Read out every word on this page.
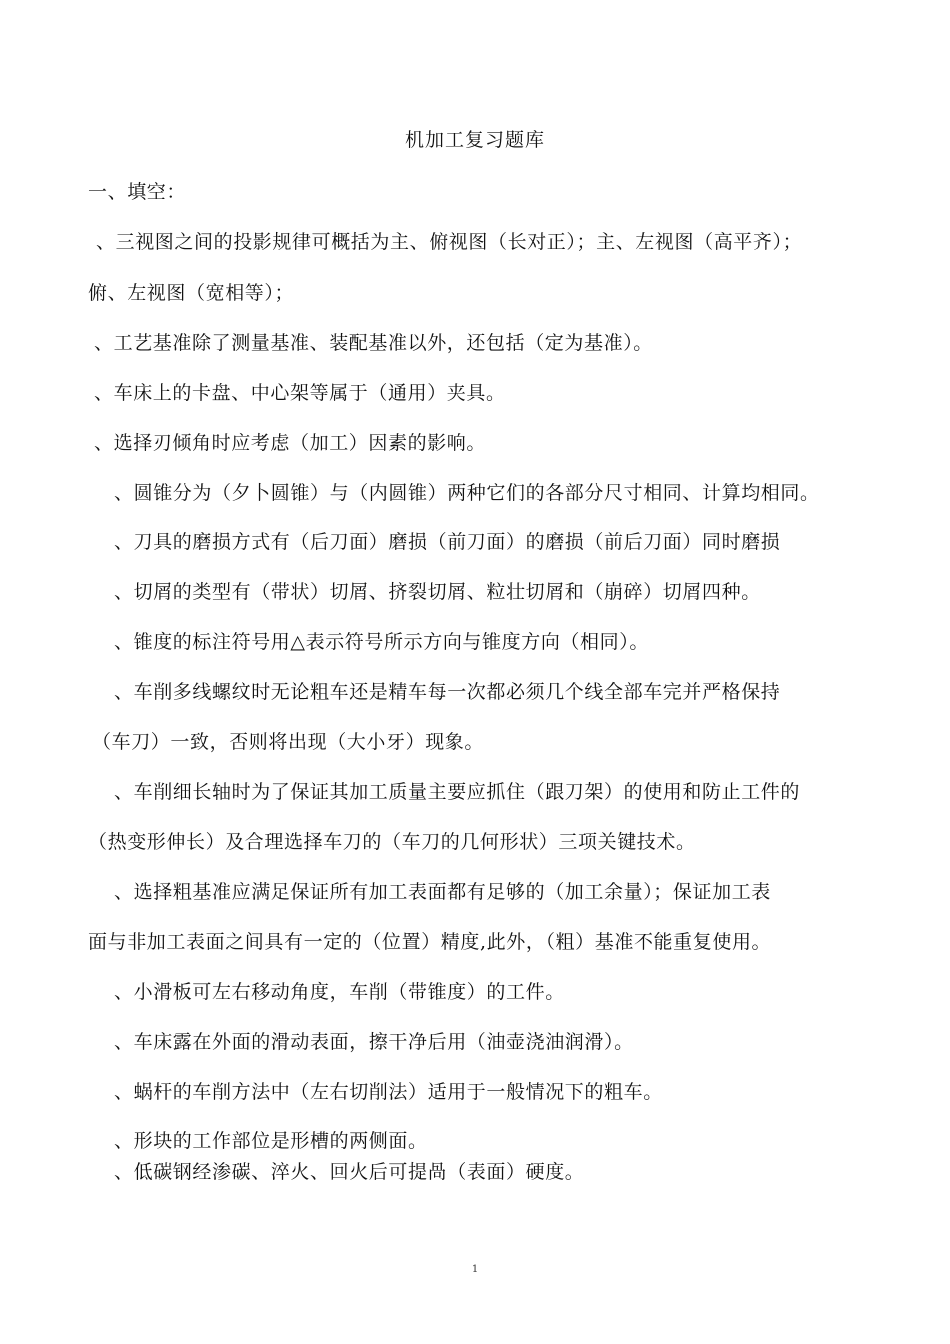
机加工复习题库
一、填空：
、三视图之间的投影规律可概括为主、俯视图（长对正）；主、左视图（高平齐）；
俯、左视图（宽相等）；
、工艺基准除了测量基准、装配基准以外，还包括（定为基准）。
、车床上的卡盘、中心架等属于（通用）夹具。
、选择刃倾角时应考虑（加工）因素的影响。
、圆锥分为（夕卜圆锥）与（内圆锥）两种它们的各部分尺寸相同、计算均相同。
、刀具的磨损方式有（后刀面）磨损（前刀面）的磨损（前后刀面）同时磨损
、切屑的类型有（带状）切屑、挤裂切屑、粒壮切屑和（崩碎）切屑四种。
、锥度的标注符号用△表示符号所示方向与锥度方向（相同）。
、车削多线螺纹时无论粗车还是精车每一次都必须几个线全部车完并严格保持
（车刀）一致，否则将出现（大小牙）现象。
、车削细长轴时为了保证其加工质量主要应抓住（跟刀架）的使用和防止工件的
（热变形伸长）及合理选择车刀的（车刀的几何形状）三项关键技术。
、选择粗基准应满足保证所有加工表面都有足够的（加工余量）；保证加工表
面与非加工表面之间具有一定的（位置）精度,此外，（粗）基准不能重复使用。
、小滑板可左右移动角度，车削（带锥度）的工件。
、车床露在外面的滑动表面，擦干净后用（油壶浇油润滑）。
、蜗杆的车削方法中（左右切削法）适用于一般情况下的粗车。
、形块的工作部位是形槽的两侧面。
、低碳钢经渗碳、淬火、回火后可提咼（表面）硬度。
1
